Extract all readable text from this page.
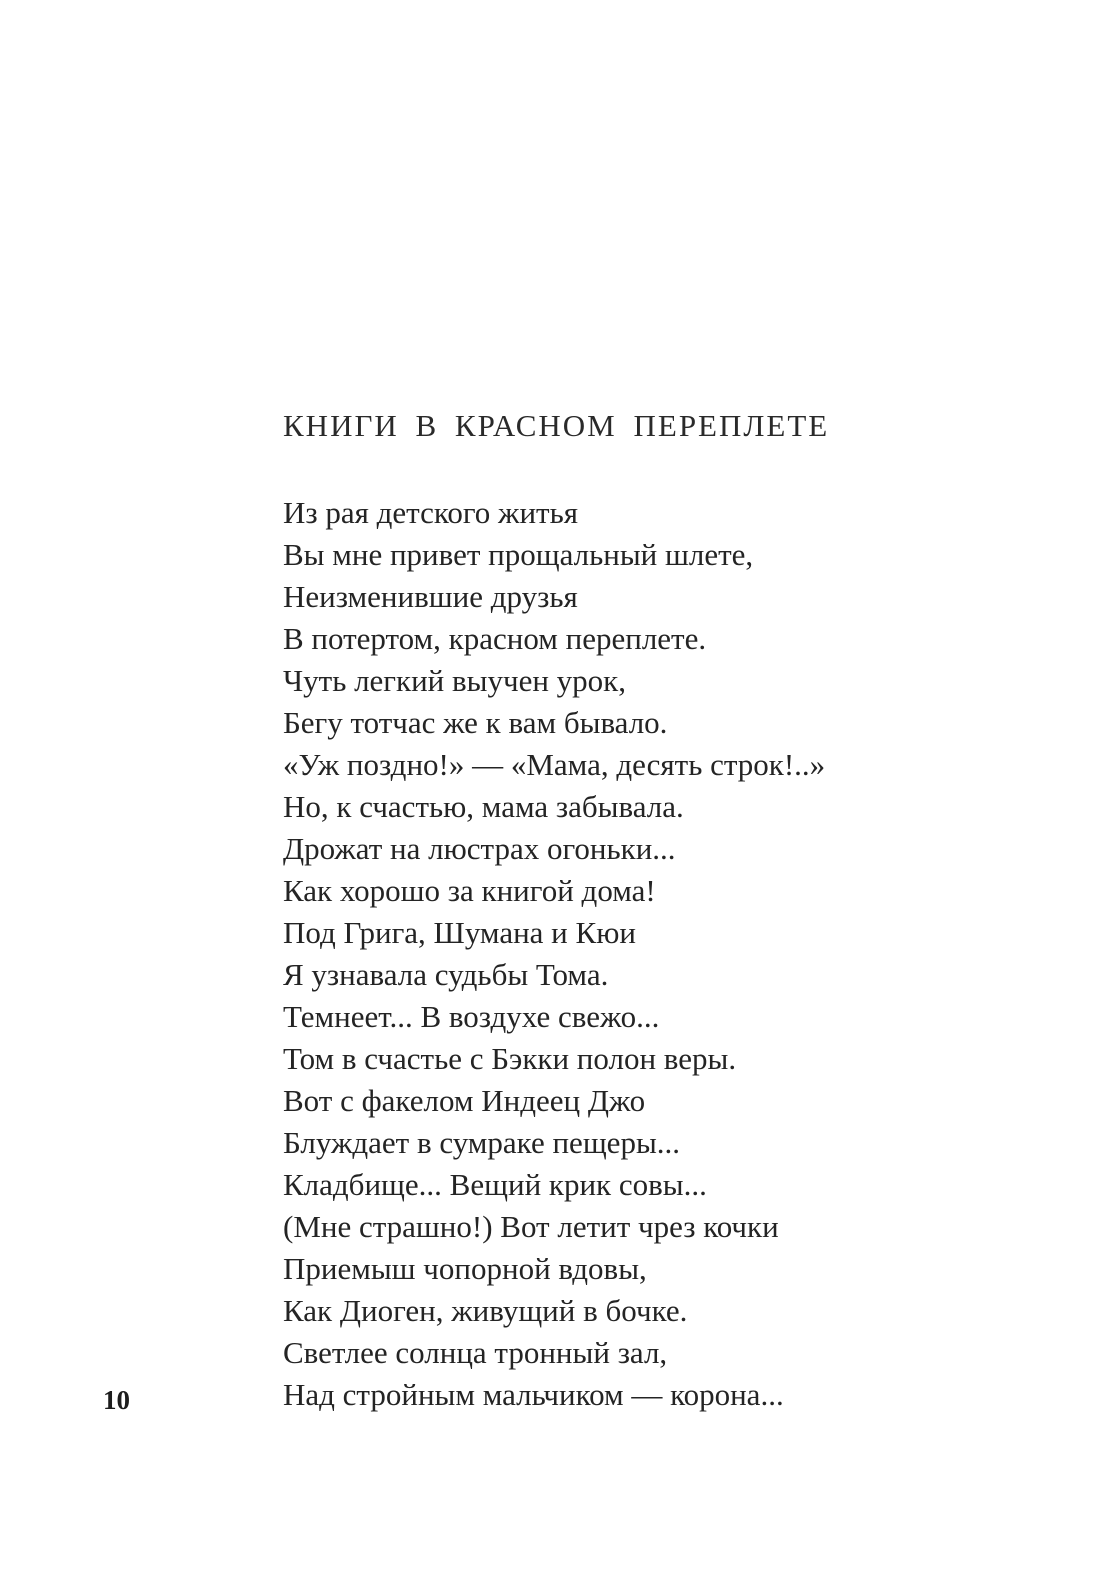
КНИГИ В КРАСНОМ ПЕРЕПЛЕТЕ
Из рая детского житья
Вы мне привет прощальный шлете,
Неизменившие друзья
В потертом, красном переплете.
Чуть легкий выучен урок,
Бегу тотчас же к вам бывало.
«Уж поздно!» — «Мама, десять строк!..»
Но, к счастью, мама забывала.
Дрожат на люстрах огоньки...
Как хорошо за книгой дома!
Под Грига, Шумана и Кюи
Я узнавала судьбы Тома.
Темнеет... В воздухе свежо...
Том в счастье с Бэкки полон веры.
Вот с факелом Индеец Джо
Блуждает в сумраке пещеры...
Кладбище... Вещий крик совы...
(Мне страшно!) Вот летит чрез кочки
Приемыш чопорной вдовы,
Как Диоген, живущий в бочке.
Светлее солнца тронный зал,
Над стройным мальчиком — корона...
10
